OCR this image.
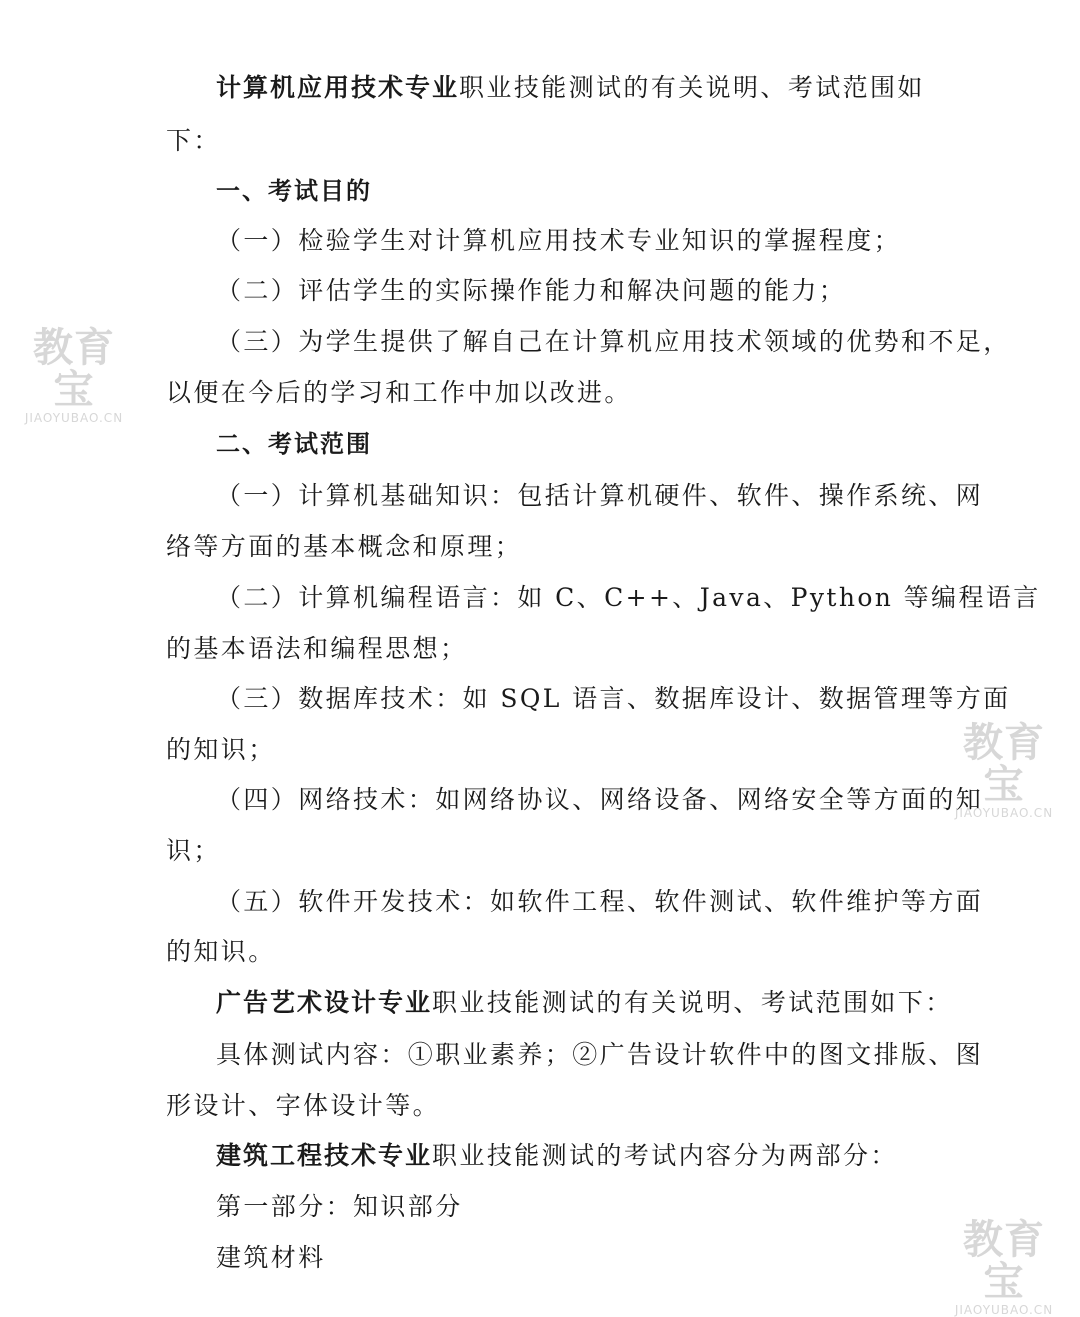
计算机应用技术专业职业技能测试的有关说明、考试范围如
下：
一、考试目的
（一）检验学生对计算机应用技术专业知识的掌握程度；
（二）评估学生的实际操作能力和解决问题的能力；
（三）为学生提供了解自己在计算机应用技术领域的优势和不足，
以便在今后的学习和工作中加以改进。
二、考试范围
（一）计算机基础知识：包括计算机硬件、软件、操作系统、网
络等方面的基本概念和原理；
（二）计算机编程语言：如 C、C++、Java、Python 等编程语言
的基本语法和编程思想；
（三）数据库技术：如 SQL 语言、数据库设计、数据管理等方面
的知识；
（四）网络技术：如网络协议、网络设备、网络安全等方面的知
识；
（五）软件开发技术：如软件工程、软件测试、软件维护等方面
的知识。
广告艺术设计专业职业技能测试的有关说明、考试范围如下：
具体测试内容：①职业素养；②广告设计软件中的图文排版、图
形设计、字体设计等。
建筑工程技术专业职业技能测试的考试内容分为两部分：
第一部分：知识部分
建筑材料
教育宝
JIAOYUBAO.CN
教育宝
JIAOYUBAO.CN
教育宝
JIAOYUBAO.CN
